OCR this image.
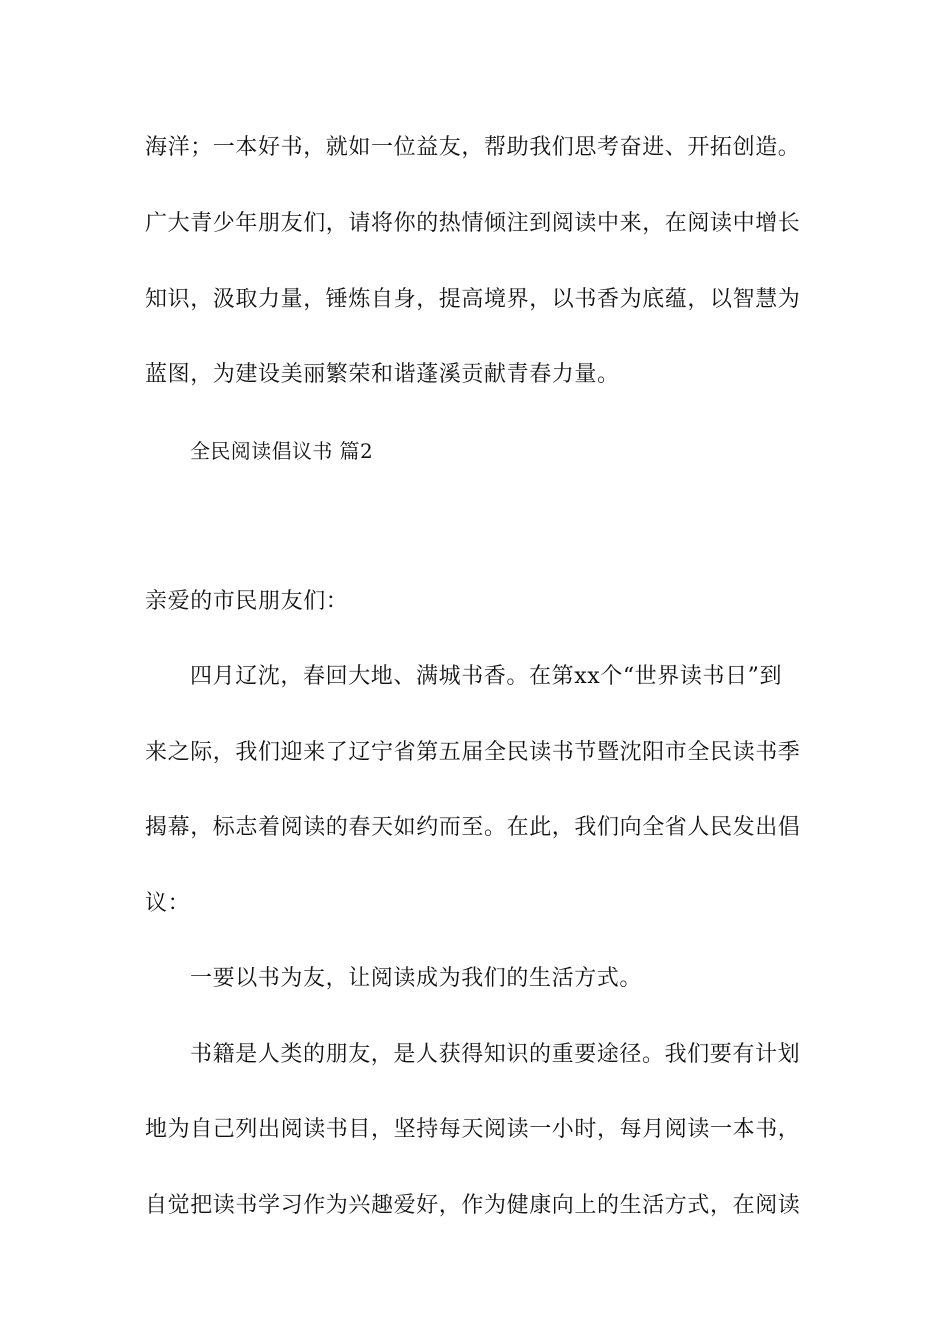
海洋；一本好书，就如一位益友，帮助我们思考奋进、开拓创造。
广大青少年朋友们，请将你的热情倾注到阅读中来，在阅读中增长
知识，汲取力量，锤炼自身，提高境界，以书香为底蕴，以智慧为
蓝图，为建设美丽繁荣和谐蓬溪贡献青春力量。
全民阅读倡议书 篇2
亲爱的市民朋友们：
四月辽沈，春回大地、满城书香。在第xx个“世界读书日”到
来之际，我们迎来了辽宁省第五届全民读书节暨沈阳市全民读书季
揭幕，标志着阅读的春天如约而至。在此，我们向全省人民发出倡
议：
一要以书为友，让阅读成为我们的生活方式。
书籍是人类的朋友，是人获得知识的重要途径。我们要有计划
地为自己列出阅读书目，坚持每天阅读一小时，每月阅读一本书，
自觉把读书学习作为兴趣爱好，作为健康向上的生活方式，在阅读
